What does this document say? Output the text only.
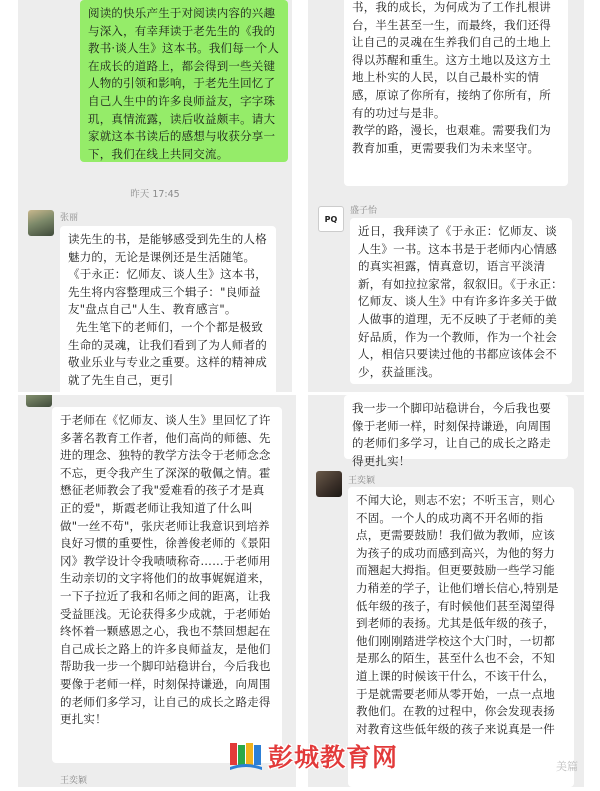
阅读的快乐产生于对阅读内容的兴趣与深入，有幸拜读于老先生的《我的教书·谈人生》这本书。我们每一个人在成长的道路上，都会得到一些关键人物的引领和影响，于老先生回忆了自己人生中的许多良师益友，字字珠玑，真情流露，读后收益颇丰。请大家就这本书读后的感想与收获分享一下，我们在线上共同交流。

昨天 17:45
张丽

读先生的书，是能够感受到先生的人格魅力的，无论是课例还是生活随笔。
《于永正：忆师友、谈人生》这本书，先生将内容整理成三个辑子："良师益友"盘点自己"人生、教育感言"。
先生笔下的老师们，一个个都是极致生命的灵魂，让我们看到了为人师者的敬业乐业与专业之重要。这样的精神成就了先生自己，更引

书，我的成长，为何成为了工作扎根讲台，半生甚至一生，而最终，我们还得让自己的灵魂在生养我们自己的土地上得以苏醒和重生。这方土地以及这方土地上朴实的人民，以自己最朴实的情感，原谅了你所有，接纳了你所有，所有的功过与是非。
教学的路，漫长，也艰难。需要我们为教育加重，更需要我们为未来坚守。

PQ
盛子怡

近日，我拜读了《于永正：忆师友、谈人生》一书。这本书是于老师内心情感的真实袒露，情真意切，语言平淡清新，有如拉拉家常，叙叙旧。《于永正：忆师友、谈人生》中有许多许多关于做人做事的道理，无不反映了于老师的美好品质，作为一个教师，作为一个社会人，相信只要读过他的书都应该体会不少，获益匪浅。

于老师在《忆师友、谈人生》里回忆了许多著名教育工作者，他们高尚的师德、先进的理念、独特的教学方法令于老师念念不忘，更令我产生了深深的敬佩之情。霍懋征老师教会了我"爱难看的孩子才是真正的爱"，斯霞老师让我知道了什么叫做"一丝不苟"，张庆老师让我意识到培养良好习惯的重要性，徐善俊老师的《景阳冈》教学设计令我啧啧称奇……于老师用生动亲切的文字将他们的故事娓娓道来，一下子拉近了我和名师之间的距离，让我受益匪浅。无论获得多少成就，于老师始终怀着一颗感恩之心，我也不禁回想起在自己成长之路上的许多良师益友，是他们帮助我一步一个脚印站稳讲台，今后我也要像于老师一样，时刻保持谦逊，向周围的老师们多学习，让自己的成长之路走得更扎实！

王奕颖

我一步一个脚印站稳讲台，今后我也要像于老师一样，时刻保持谦逊，向周围的老师们多学习，让自己的成长之路走得更扎实！

王奕颖

不闻大论，则志不宏；不听玉言，则心不固。一个人的成功离不开名师的指点，更需要鼓励！我们做为教师，应该为孩子的成功而感到高兴，为他的努力而翘起大拇指。但更要鼓励一些学习能力稍差的学子，让他们增长信心,特别是低年级的孩子，有时候他们甚至渴望得到老师的表扬。尤其是低年级的孩子，他们刚刚踏进学校这个大门时，一切都是那么的陌生，甚至什么也不会，不知道上课的时候该干什么，不该干什么，于是就需要老师从零开始，一点一点地教他们。在教的过程中，你会发现表扬对教育这些低年级的孩子来说真是一件

美篇
彭城教育网
